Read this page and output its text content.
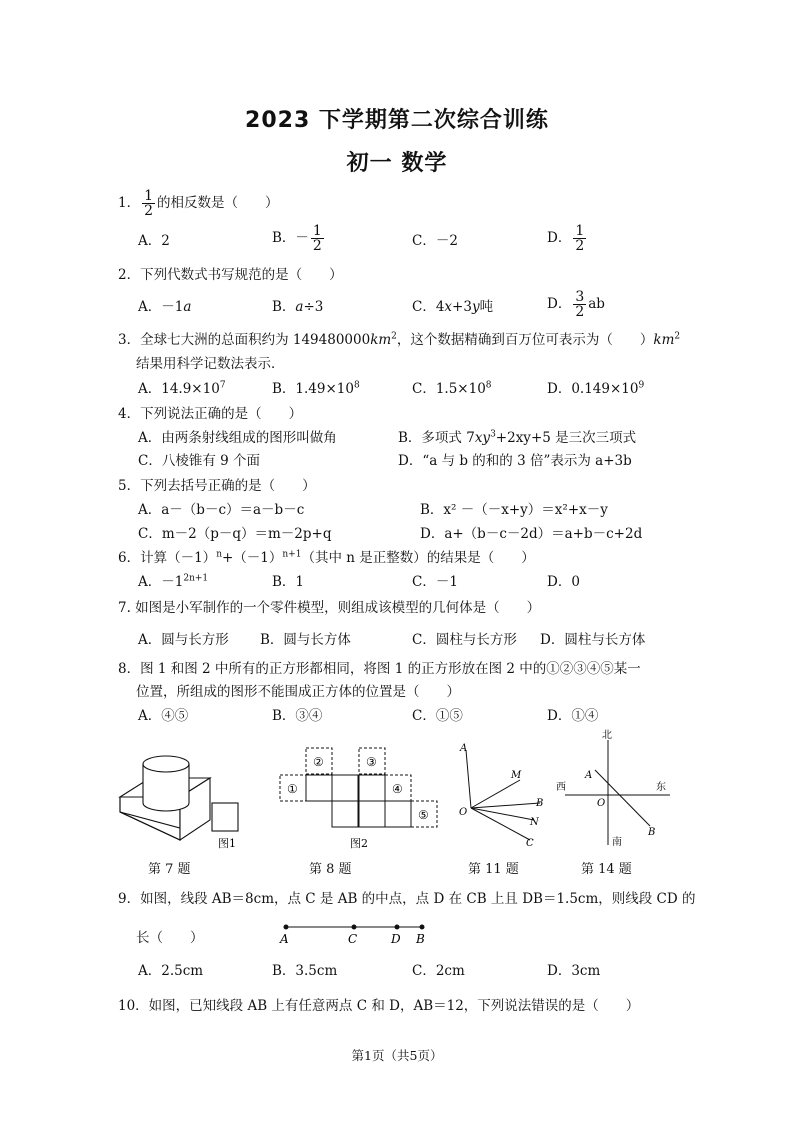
2023 下学期第二次综合训练
初一 数学
1． $\frac{1}{2}$ 的相反数是（　　）
A．2	B．－ $\frac{1}{2}$	C．－2	D． $\frac{1}{2}$
2．下列代数式书写规范的是（　　）
A．－1a	B．a÷3	C．4x+3y吨	D． $\frac{3}{2}$ ab
3．全球七大洲的总面积约为 $149480000km^2$，这个数据精确到百万位可表示为（　　）$km^2$
结果用科学记数法表示．
A．$14.9\times 10^7$	B．$1.49\times 10^8$	C．$1.5\times 10^8$	D．$0.149\times 10^9$
4．下列说法正确的是（　　）
A．由两条射线组成的图形叫做角	B．多项式 $7xy^3+2xy+5$ 是三次三项式
C．八棱锥有 9 个面	D．“a 与 b 的和的 3 倍”表示为 a+3b
5．下列去括号正确的是（　　）
A．a－（b－c）＝a－b－c	B．x² －（－x+y）＝x²+x－y
C．m－2（p－q）＝m－2p+q	D．a+（b－c－2d）＝a+b－c+2d
6．计算$(-1)^n+(-1)^{n+1}$（其中 n 是正整数）的结果是（　　）
A．$-1^{2n+1}$	B．1	C．－1	D．0
7. 如图是小军制作的一个零件模型，则组成该模型的几何体是（　　）
A．圆与长方形 B．圆与长方体	C．圆柱与长方形 D．圆柱与长方体
8．图 1 和图 2 中所有的正方形都相同，将图 1 的正方形放在图 2 中的①②③④⑤某一
位置，所组成的图形不能围成正方体的位置是（　　）
A．④⑤	B．③④	C．①⑤	D．①④
图1
②	③
①	④
⑤
图2
A
M
O
B
N
C
北
西	东
南
A
O
B
A	C	D B
第 7 题	第 8 题	第 11 题	第 14 题
9．如图，线段 AB＝8cm，点 C 是 AB 的中点，点 D 在 CB 上且 DB＝1.5cm，则线段 CD 的
长（　　）
A．2.5cm	B．3.5cm	C．2cm	D．3cm
10．如图，已知线段 AB 上有任意两点 C 和 D，AB＝12，下列说法错误的是（　　）
第1页（共5页）
